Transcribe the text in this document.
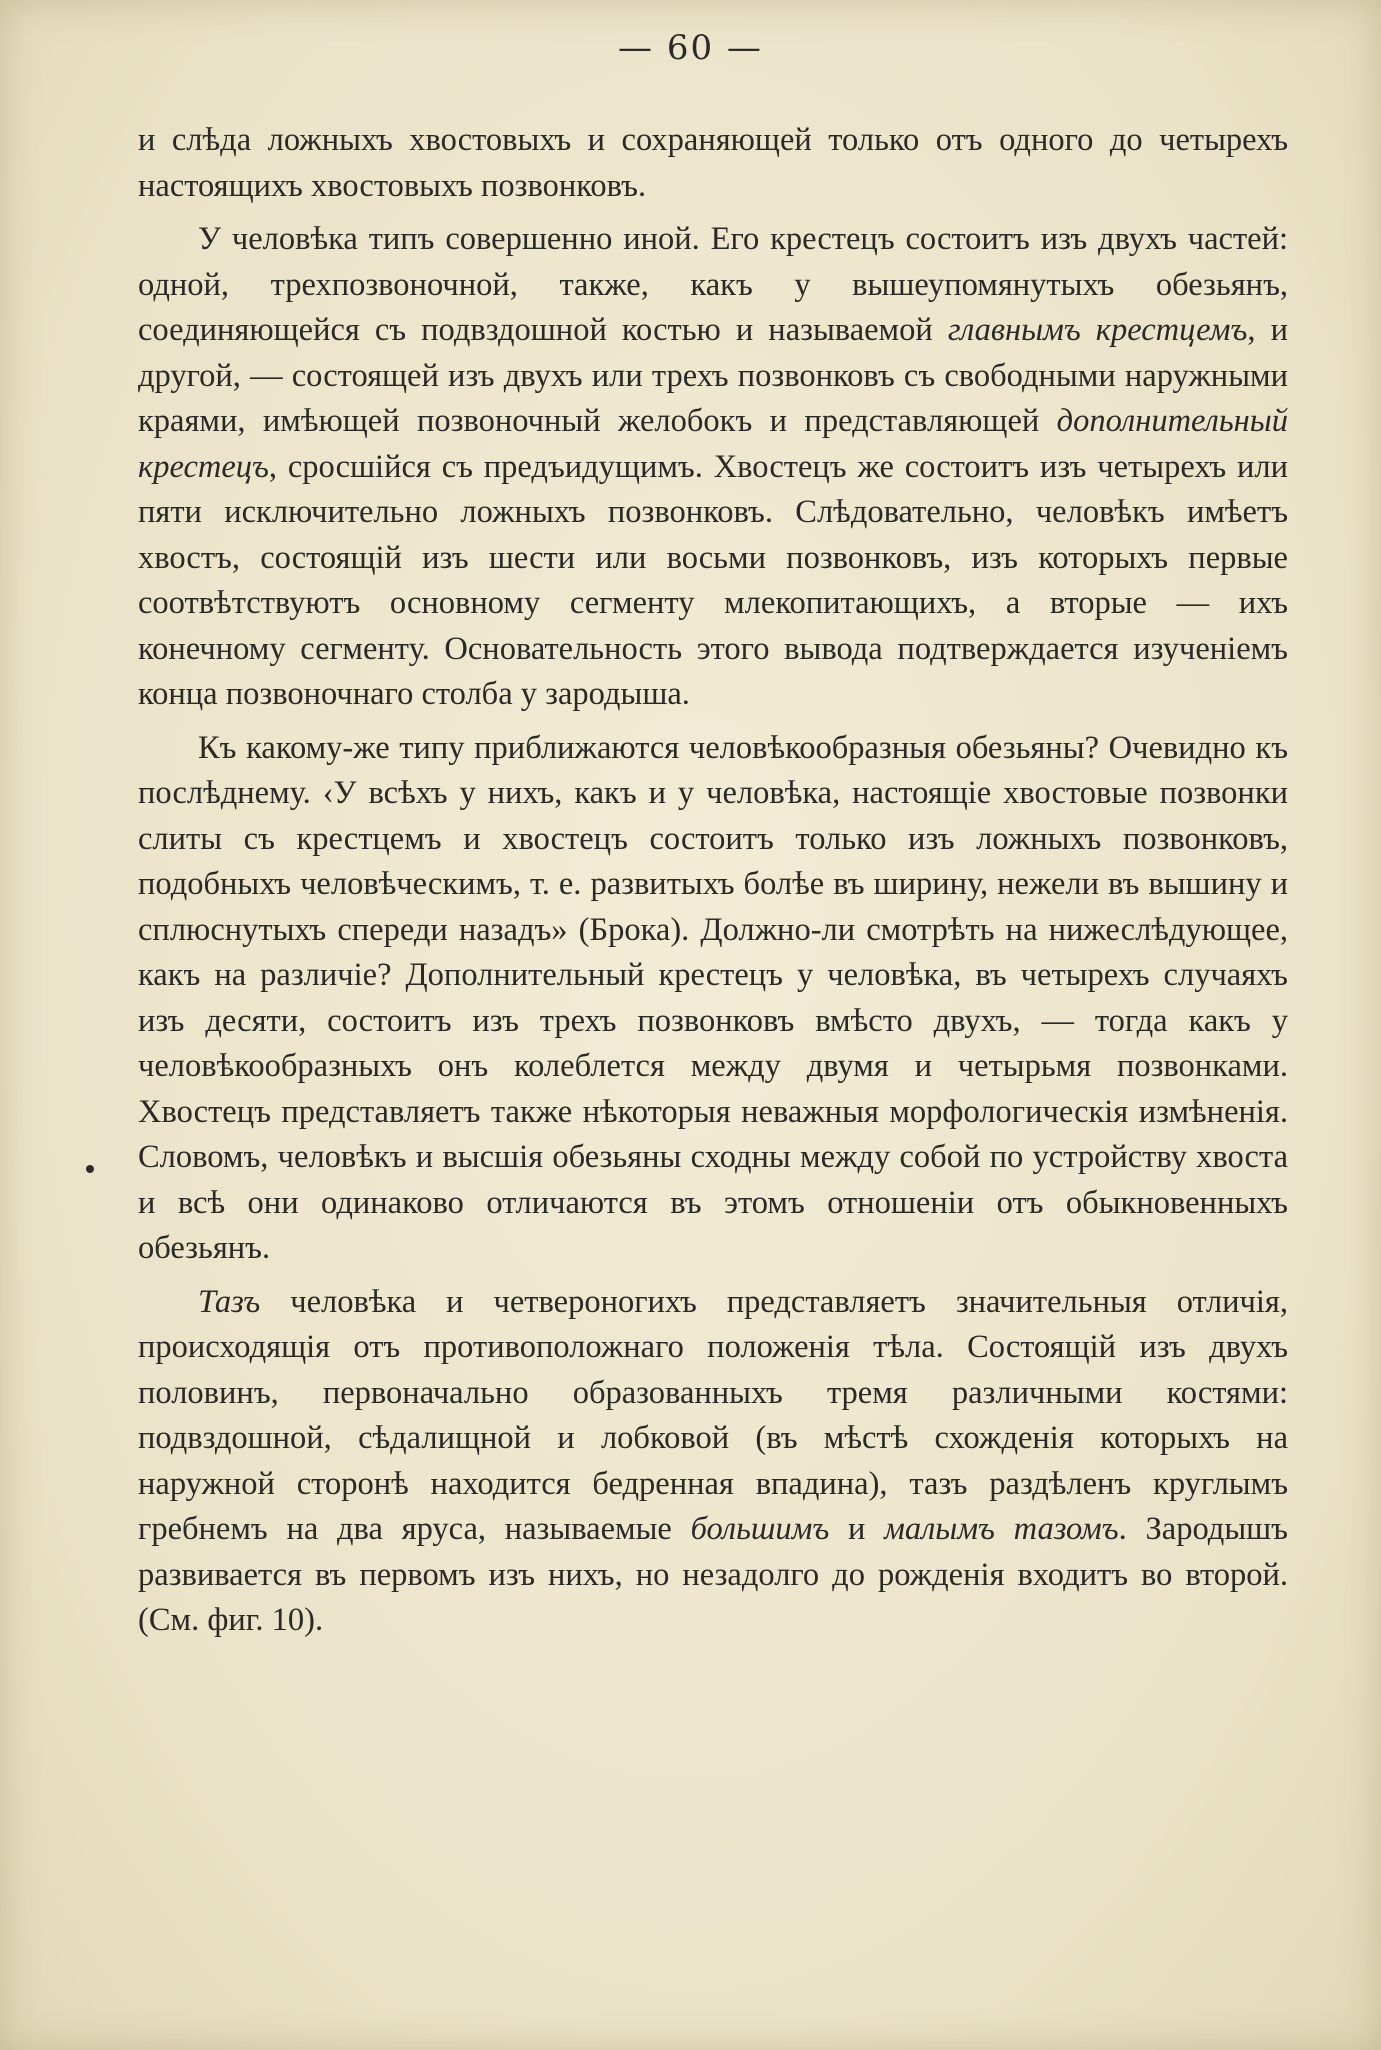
— 60 —

и слѣда ложныхъ хвостовыхъ и сохраняющей только отъ одного до четырехъ настоящихъ хвостовыхъ позвонковъ.

У человѣка типъ совершенно иной. Его крестецъ состоитъ изъ двухъ частей: одной, трехпозвоночной, также, какъ у вышеупомянутыхъ обезьянъ, соединяющейся съ подвздошной костью и называемой главнымъ крестцемъ, и другой, — состоящей изъ двухъ или трехъ позвонковъ съ свободными наружными краями, имѣющей позвоночный желобокъ и представляющей дополнительный крестецъ, сросшійся съ предъидущимъ. Хвостецъ же состоитъ изъ четырехъ или пяти исключительно ложныхъ позвонковъ. Слѣдовательно, человѣкъ имѣетъ хвостъ, состоящій изъ шести или восьми позвонковъ, изъ которыхъ первые соотвѣтствуютъ основному сегменту млекопитающихъ, а вторые — ихъ конечному сегменту. Основательность этого вывода подтверждается изученіемъ конца позвоночнаго столба у зародыша.

Къ какому-же типу приближаются человѣкообразныя обезьяны? Очевидно къ послѣднему. ‹У всѣхъ у нихъ, какъ и у человѣка, настоящіе хвостовые позвонки слиты съ крестцемъ и хвостецъ состоитъ только изъ ложныхъ позвонковъ, подобныхъ человѣческимъ, т. е. развитыхъ болѣе въ ширину, нежели въ вышину и сплюснутыхъ спереди назадъ» (Брока). Должно-ли смотрѣть на нижеслѣдующее, какъ на различіе? Дополнительный крестецъ у человѣка, въ четырехъ случаяхъ изъ десяти, состоитъ изъ трехъ позвонковъ вмѣсто двухъ, — тогда какъ у человѣкообразныхъ онъ колеблется между двумя и четырьмя позвонками. Хвостецъ представляетъ также нѣкоторыя неважныя морфологическія измѣненія. Словомъ, человѣкъ и высшія обезьяны сходны между собой по устройству хвоста и всѣ они одинаково отличаются въ этомъ отношеніи отъ обыкновенныхъ обезьянъ.

Тазъ человѣка и четвероногихъ представляетъ значительныя отличія, происходящія отъ противоположнаго положенія тѣла. Состоящій изъ двухъ половинъ, первоначально образованныхъ тремя различными костями: подвздошной, сѣдалищной и лобковой (въ мѣстѣ схожденія которыхъ на наружной сторонѣ находится бедренная впадина), тазъ раздѣленъ круглымъ гребнемъ на два яруса, называемые большимъ и малымъ тазомъ. Зародышъ развивается въ первомъ изъ нихъ, но незадолго до рожденія входитъ во второй. (См. фиг. 10).
